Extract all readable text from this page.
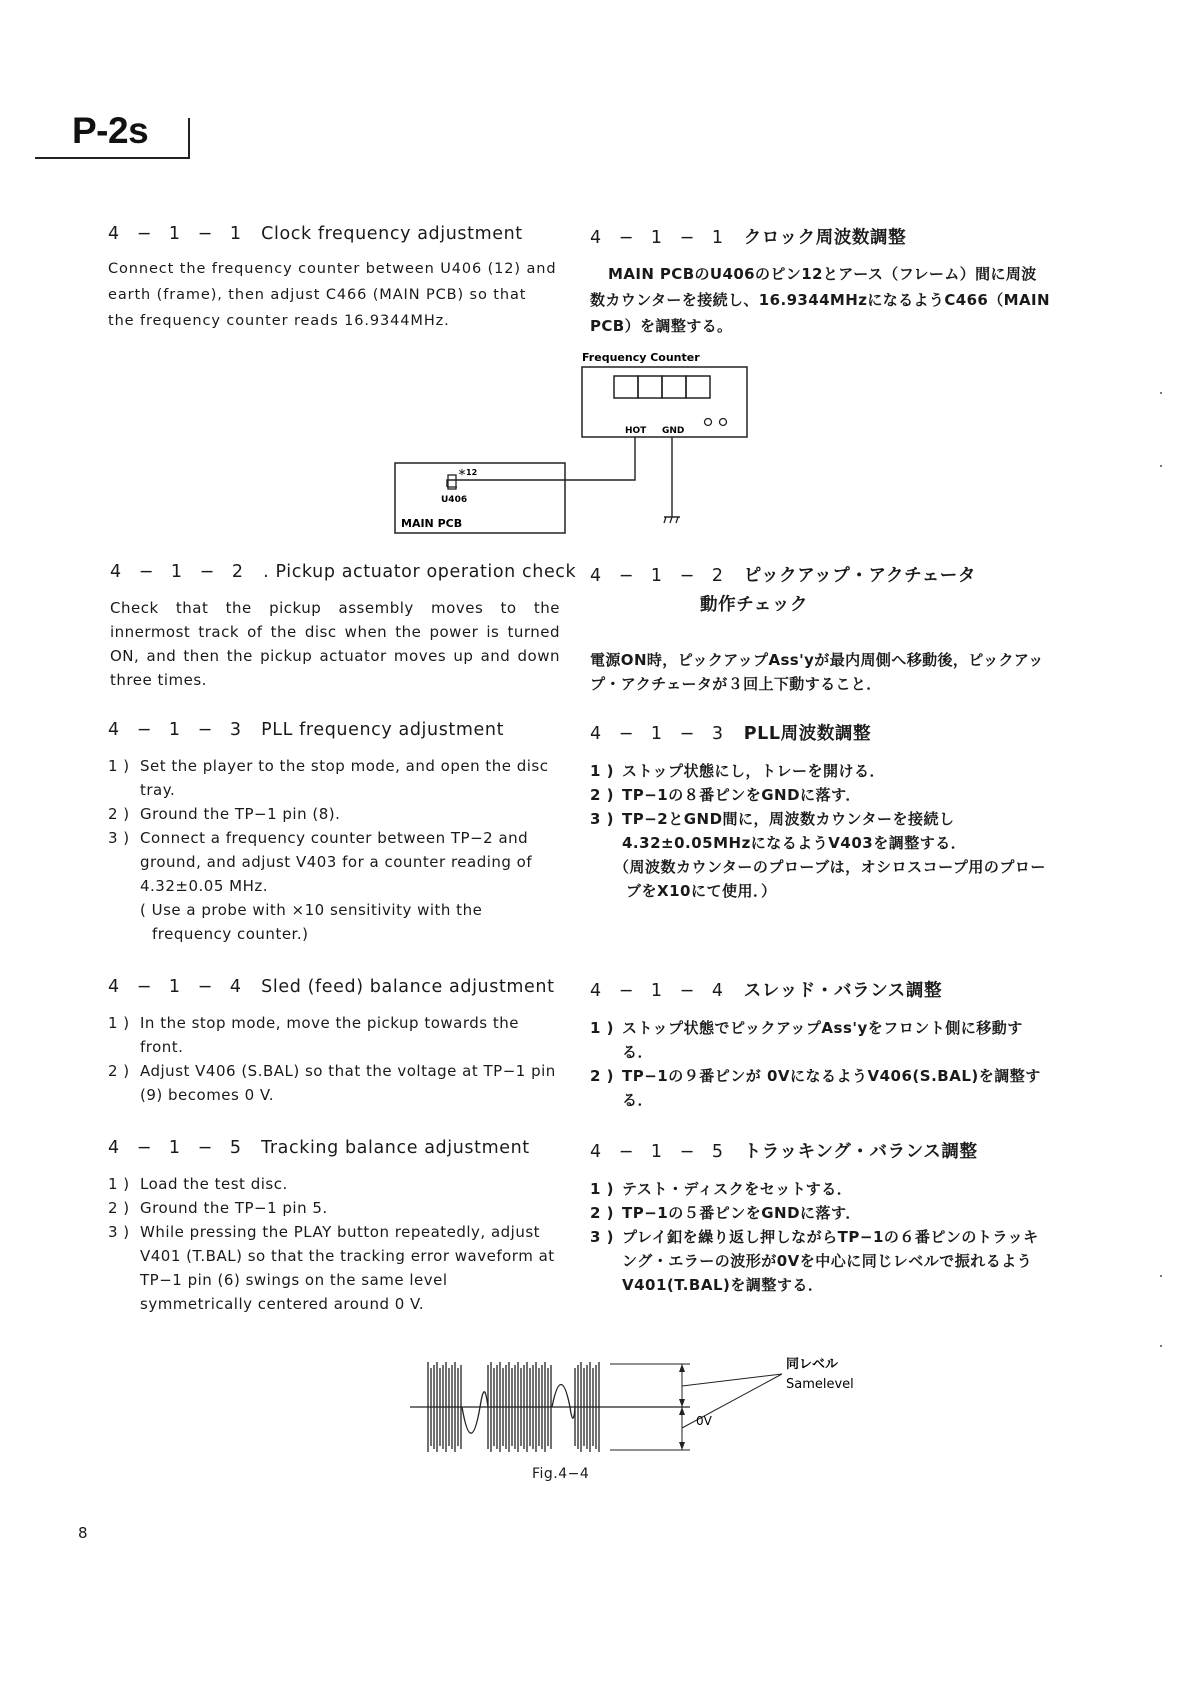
P-2s
4 − 1 − 1 Clock frequency adjustment

Connect the frequency counter between U406 (12) and earth (frame), then adjust C466 (MAIN PCB) so that the frequency counter reads 16.9344MHz.

4 − 1 − 1 クロック周波数調整

MAIN PCBのU406のピン12とアース（フレーム）間に周波数カウンターを接続し、16.9344MHzになるようC466（MAIN PCB）を調整する。

Frequency Counter
HOT GND
＊12
U406
MAIN PCB
4 − 1 − 2 . Pickup actuator operation check

Check that the pickup assembly moves to the innermost track of the disc when the power is turned ON, and then the pickup actuator moves up and down three times.

4 − 1 − 2 ピックアップ・アクチェータ
動作チェック

電源ON時，ピックアップAss'yが最内周側へ移動後，ピックアップ・アクチェータが３回上下動すること．

4 − 1 − 3 PLL frequency adjustment
1 ) Set the player to the stop mode, and open the disc tray.
2 ) Ground the TP−1 pin (8).
3 ) Connect a frequency counter between TP−2 and ground, and adjust V403 for a counter reading of 4.32±0.05 MHz.
( Use a probe with ×10 sensitivity with the frequency counter.)
4 − 1 − 3 PLL周波数調整
1 ) ストップ状態にし，トレーを開ける．
2 ) TP−1の８番ピンをGNDに落す．
3 ) TP−2とGND間に，周波数カウンターを接続し4.32±0.05MHzになるようV403を調整する．
（周波数カウンターのプローブは，オシロスコープ用のプローブをX10にて使用．）
4 − 1 − 4 Sled (feed) balance adjustment
1 ) In the stop mode, move the pickup towards the front.
2 ) Adjust V406 (S.BAL) so that the voltage at TP−1 pin (9) becomes 0 V.
4 − 1 − 4 スレッド・バランス調整
1 ) ストップ状態でピックアップAss'yをフロント側に移動する．
2 ) TP−1の９番ピンが 0VになるようV406(S.BAL)を調整する．
4 − 1 − 5 Tracking balance adjustment
1 ) Load the test disc.
2 ) Ground the TP−1 pin 5.
3 ) While pressing the PLAY button repeatedly, adjust V401 (T.BAL) so that the tracking error waveform at TP−1 pin (6) swings on the same level symmetrically centered around 0 V.
4 − 1 − 5 トラッキング・バランス調整
1 ) テスト・ディスクをセットする．
2 ) TP−1の５番ピンをGNDに落す．
3 ) プレイ釦を繰り返し押しながらTP−1の６番ピンのトラッキング・エラーの波形が0Vを中心に同じレベルで振れるようV401(T.BAL)を調整する．
0V
同レベル
Samelevel
Fig.4−4
8
